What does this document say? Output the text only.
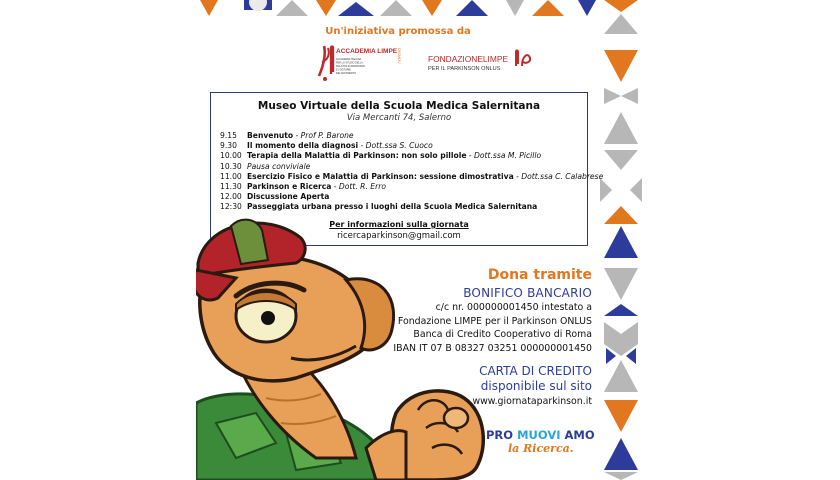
Un'iniziativa promossa da
ACCADEMIA LIMPE
ACCADEMIA ITALIANA
PER LO STUDIO DELLA
MALATTIA DI PARKINSON
E I DISTURBI
DEL MOVIMENTO
DISMOV	FONDAZIONELIMPE
PER IL PARKINSON ONLUS
Museo Virtuale della Scuola Medica Salernitana
Via Mercanti 74, Salerno
9.15 Benvenuto - Prof P. Barone
9.30 Il momento della diagnosi - Dott.ssa S. Cuoco
10.00 Terapia della Malattia di Parkinson: non solo pillole - Dott.ssa M. Picillo
10.30 Pausa conviviale
11.00 Esercizio Fisico e Malattia di Parkinson: sessione dimostrativa - Dott.ssa C. Calabrese
11.30 Parkinson e Ricerca - Dott. R. Erro
12.00 Discussione Aperta
12:30 Passeggiata urbana presso i luoghi della Scuola Medica Salernitana
Per informazioni sulla giornata
ricercaparkinson@gmail.com
Dona tramite
BONIFICO BANCARIO
c/c nr. 000000001450 intestato a
Fondazione LIMPE per il Parkinson ONLUS
Banca di Credito Cooperativo di Roma
IBAN IT 07 B 08327 03251 000000001450
CARTA DI CREDITO
disponibile sul sito
www.giornataparkinson.it
PRO MUOVI AMO
la Ricerca.
